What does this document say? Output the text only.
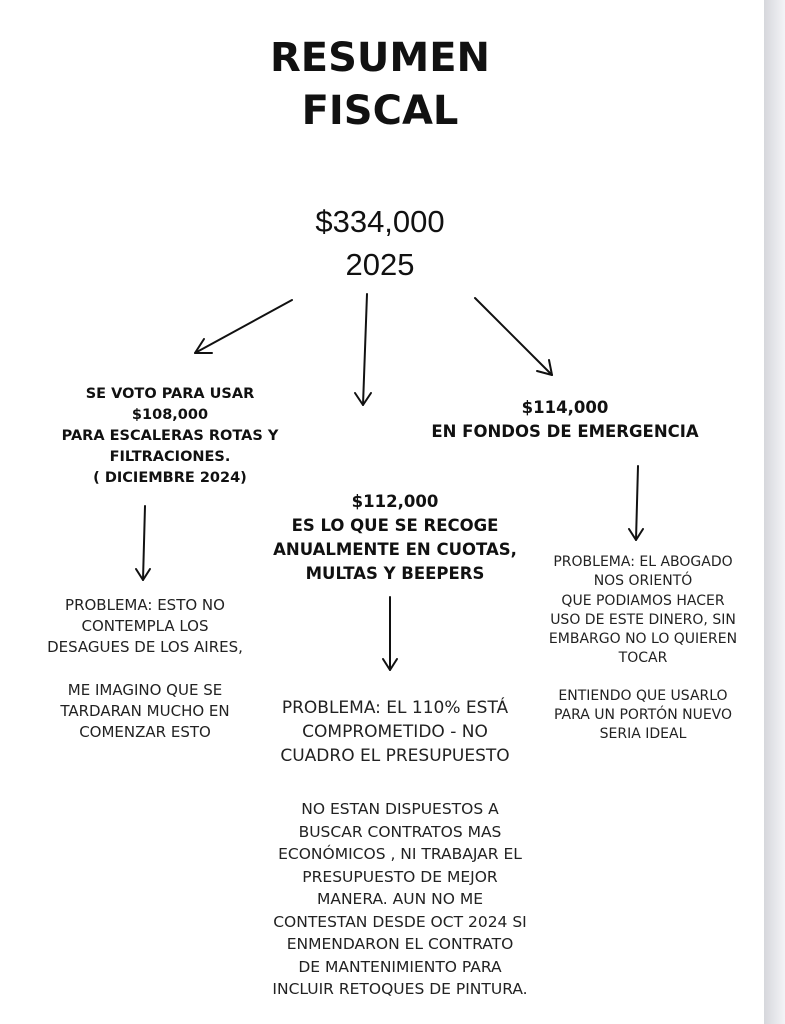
RESUMEN
FISCAL
$334,000
2025
SE VOTO PARA USAR
$108,000
PARA ESCALERAS ROTAS Y
FILTRACIONES.
( DICIEMBRE 2024)
PROBLEMA: ESTO NO
CONTEMPLA LOS
DESAGUES DE LOS AIRES,
ME IMAGINO QUE SE
TARDARAN MUCHO EN
COMENZAR ESTO
$112,000
ES LO QUE SE RECOGE
ANUALMENTE EN CUOTAS,
MULTAS Y BEEPERS
PROBLEMA: EL 110% ESTÁ
COMPROMETIDO - NO
CUADRO EL PRESUPUESTO
NO ESTAN DISPUESTOS A
BUSCAR CONTRATOS MAS
ECONÓMICOS , NI TRABAJAR EL
PRESUPUESTO DE MEJOR
MANERA. AUN NO ME
CONTESTAN DESDE OCT 2024 SI
ENMENDARON EL CONTRATO
DE MANTENIMIENTO PARA
INCLUIR RETOQUES DE PINTURA.
$114,000
EN FONDOS DE EMERGENCIA
PROBLEMA: EL ABOGADO
NOS ORIENTÓ
QUE PODIAMOS HACER
USO DE ESTE DINERO, SIN
EMBARGO NO LO QUIEREN
TOCAR
ENTIENDO QUE USARLO
PARA UN PORTÓN NUEVO
SERIA IDEAL
